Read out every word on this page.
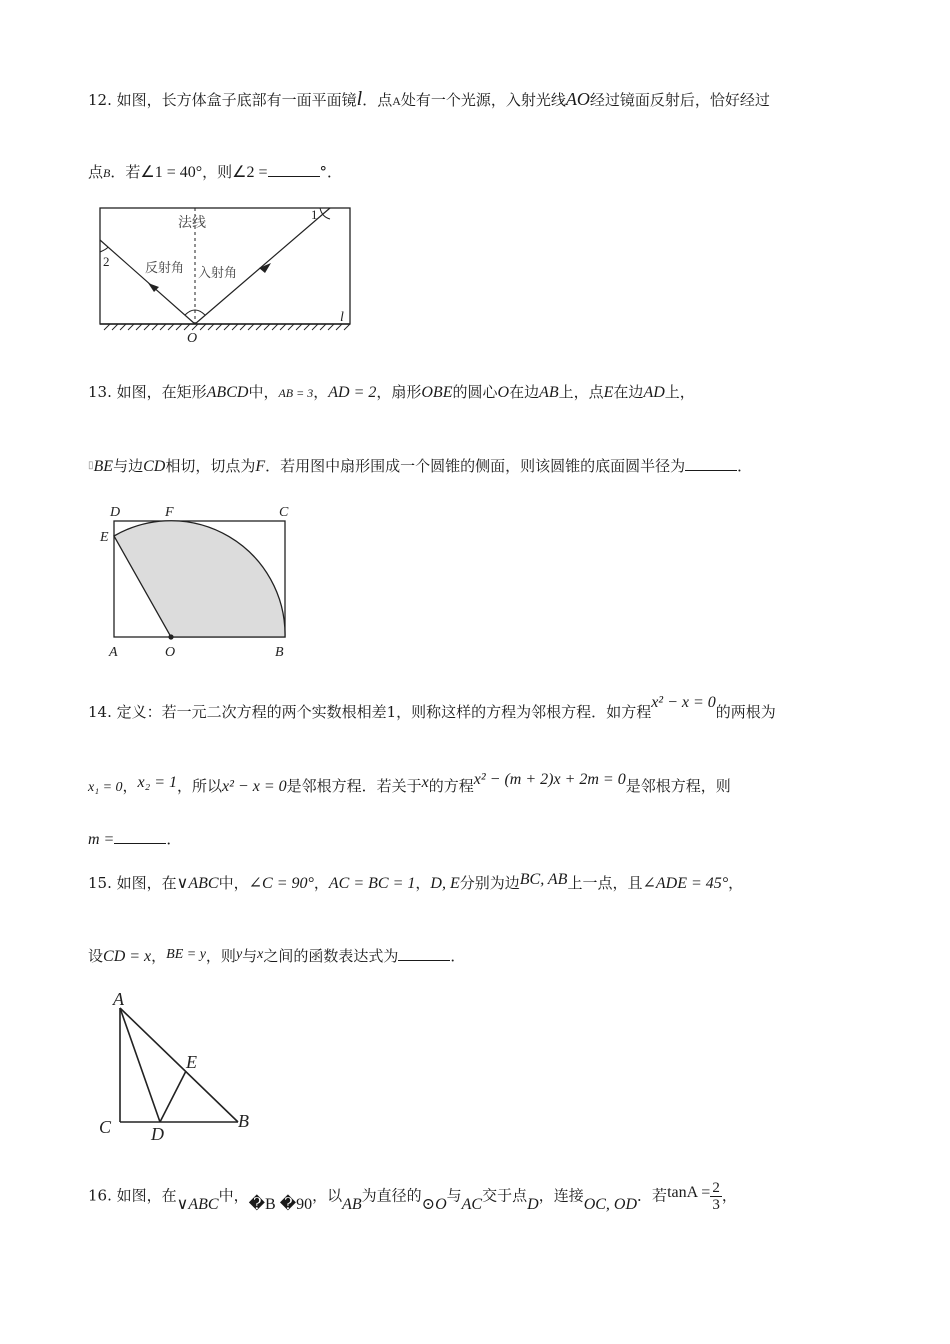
12. 如图，长方体盒子底部有一面平面镜l．点A处有一个光源，入射光线AO经过镜面反射后，恰好经过
点B．若∠1 = 40°，则∠2 =	°．
法线
反射角 入射角
1
2
O
l
13. 如图，在矩形ABCD中，AB = 3，AD = 2，扇形OBE的圆心O在边AB上，点E在边AD上，
▯BE与边CD相切，切点为F．若用图中扇形围成一个圆锥的侧面，则该圆锥的底面圆半径为	．
D	F	C
E
A	O	B
14. 定义：若一元二次方程的两个实数根相差1，则称这样的方程为邻根方程．如方程x² − x = 0的两根为
x₁ = 0，x₂ = 1，所以x² − x = 0是邻根方程．若关于x的方程x² − (m + 2)x + 2m = 0是邻根方程，则
m =	．
15. 如图，在∨ABC中，∠C = 90°，AC = BC = 1，D, E分别为边BC, AB上一点，且∠ADE = 45°，
设CD = x，BE = y，则y与x之间的函数表达式为	．
A
E
C D
B
16. 如图，在∨ABC中，�B �90，以AB为直径的⊙O与AC交于点D，连接OC, OD．若$\tan A = \frac{2}{3}$ ，
